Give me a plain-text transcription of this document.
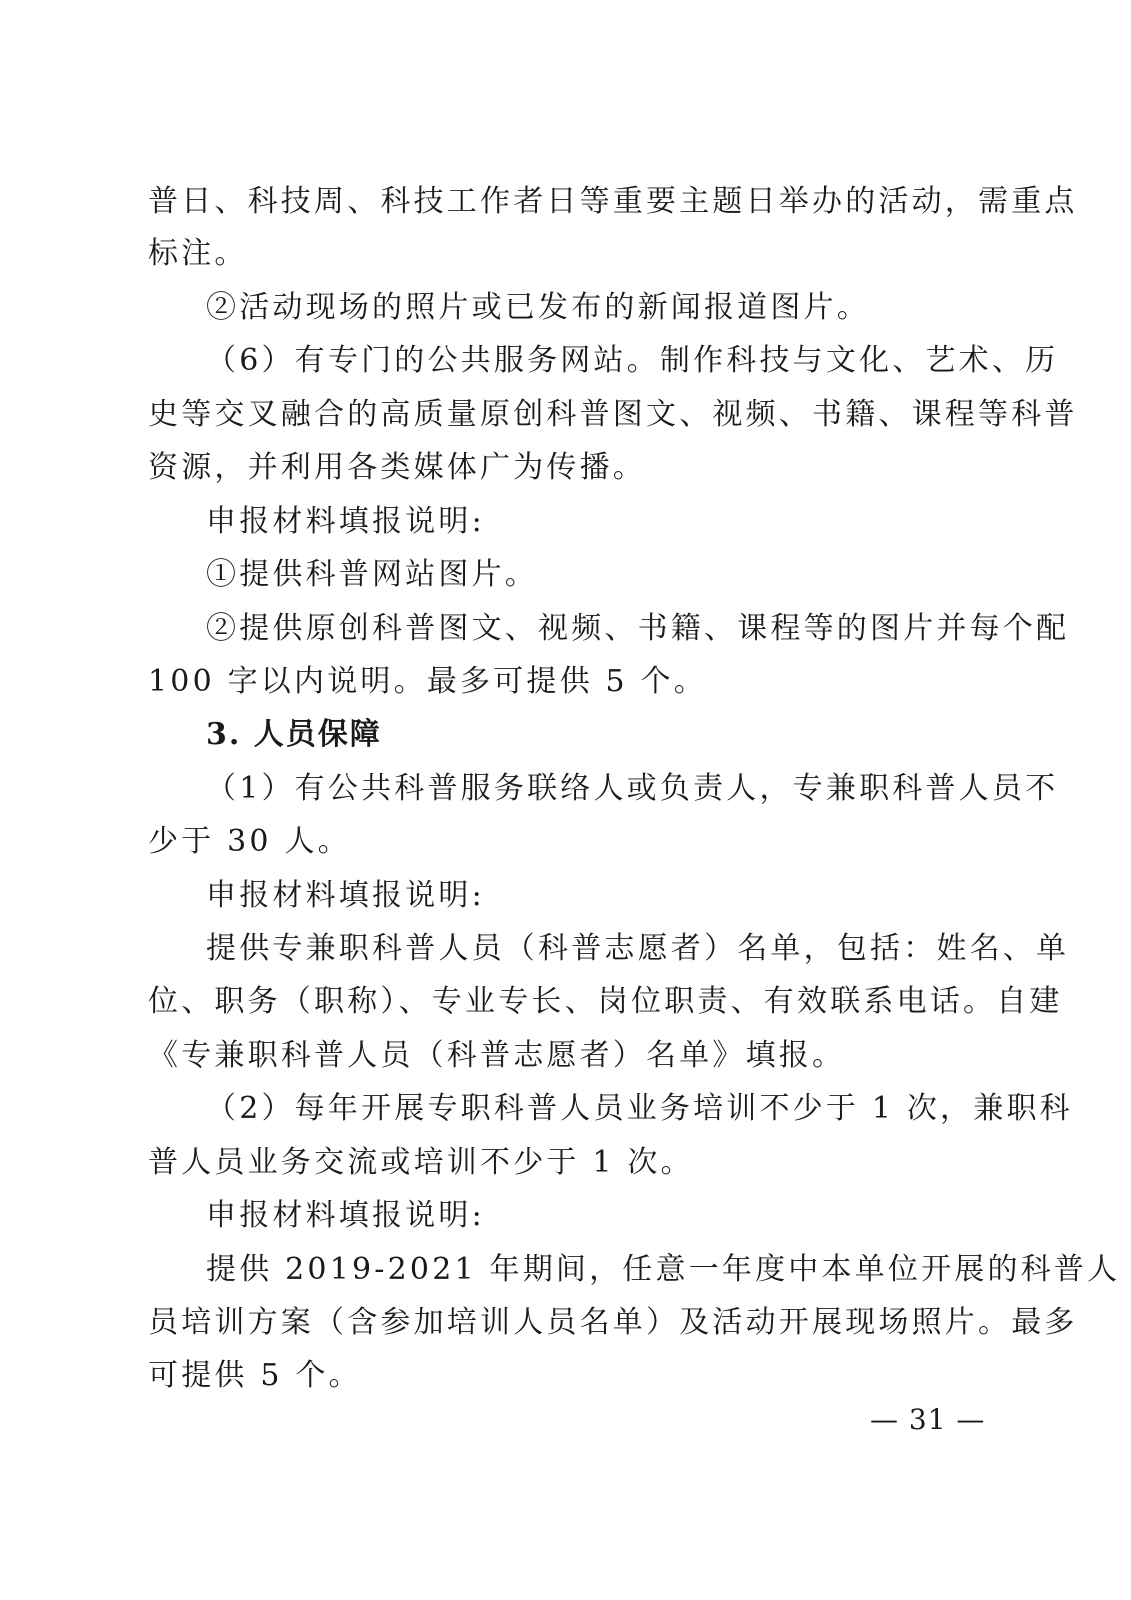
普日、科技周、科技工作者日等重要主题日举办的活动，需重点
标注。
②活动现场的照片或已发布的新闻报道图片。
（6）有专门的公共服务网站。制作科技与文化、艺术、历
史等交叉融合的高质量原创科普图文、视频、书籍、课程等科普
资源，并利用各类媒体广为传播。
申报材料填报说明:
①提供科普网站图片。
②提供原创科普图文、视频、书籍、课程等的图片并每个配
100 字以内说明。最多可提供 5 个。
3. 人员保障
（1）有公共科普服务联络人或负责人，专兼职科普人员不
少于 30 人。
申报材料填报说明:
提供专兼职科普人员（科普志愿者）名单，包括：姓名、单
位、职务（职称）、专业专长、岗位职责、有效联系电话。自建
《专兼职科普人员（科普志愿者）名单》填报。
（2）每年开展专职科普人员业务培训不少于 1 次，兼职科
普人员业务交流或培训不少于 1 次。
申报材料填报说明:
提供 2019-2021 年期间，任意一年度中本单位开展的科普人
员培训方案（含参加培训人员名单）及活动开展现场照片。最多
可提供 5 个。
— 31 —
